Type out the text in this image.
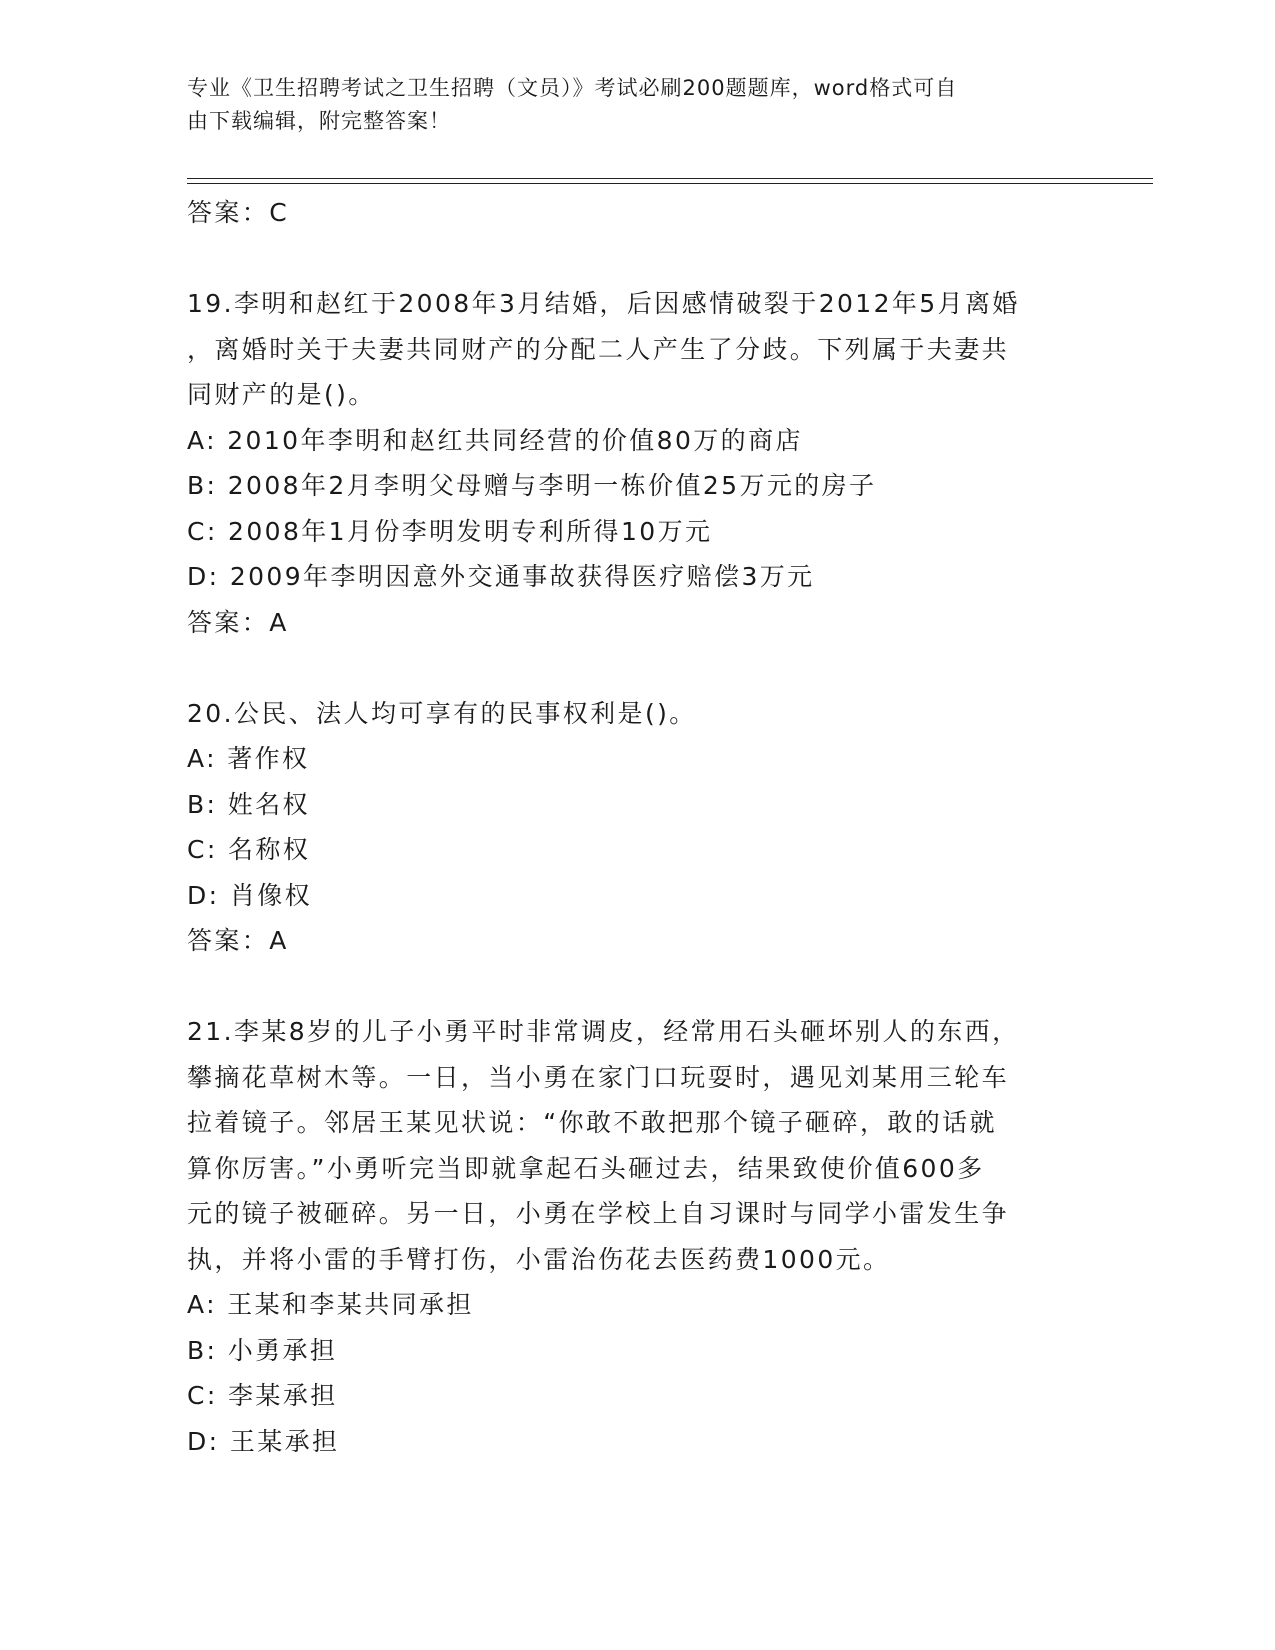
专业《卫生招聘考试之卫生招聘（文员）》考试必刷200题题库，word格式可自
由下载编辑，附完整答案！
答案：C
19.李明和赵红于2008年3月结婚，后因感情破裂于2012年5月离婚
，离婚时关于夫妻共同财产的分配二人产生了分歧。下列属于夫妻共
同财产的是()。
A: 2010年李明和赵红共同经营的价值80万的商店
B: 2008年2月李明父母赠与李明一栋价值25万元的房子
C: 2008年1月份李明发明专利所得10万元
D: 2009年李明因意外交通事故获得医疗赔偿3万元
答案：A
20.公民、法人均可享有的民事权利是()。
A: 著作权
B: 姓名权
C: 名称权
D: 肖像权
答案：A
21.李某8岁的儿子小勇平时非常调皮，经常用石头砸坏别人的东西，
攀摘花草树木等。一日，当小勇在家门口玩耍时，遇见刘某用三轮车
拉着镜子。邻居王某见状说：“你敢不敢把那个镜子砸碎，敢的话就
算你厉害。”小勇听完当即就拿起石头砸过去，结果致使价值600多
元的镜子被砸碎。另一日，小勇在学校上自习课时与同学小雷发生争
执，并将小雷的手臂打伤，小雷治伤花去医药费1000元。
A: 王某和李某共同承担
B: 小勇承担
C: 李某承担
D: 王某承担
